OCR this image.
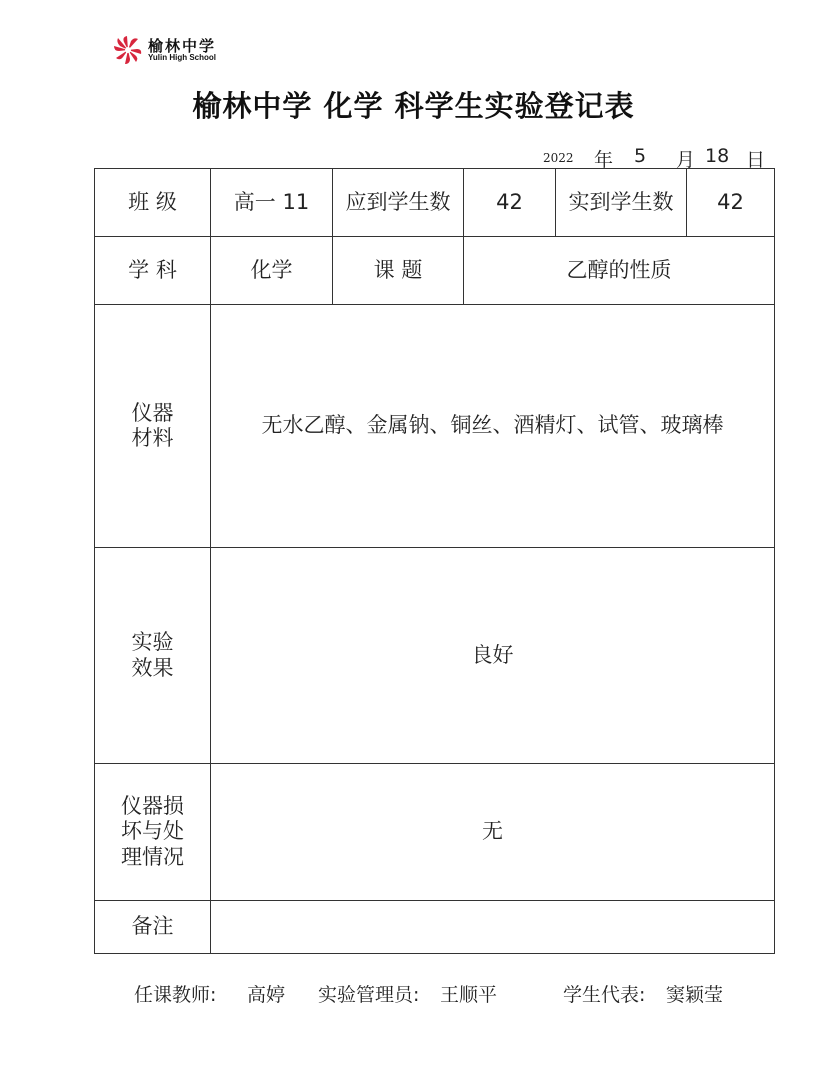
榆林中学
Yulin High School
榆林中学 化学 科学生实验登记表
2022 年 5 月 18 日
班 级	高一 11	应到学生数	42	实到学生数	42
学 科	化学	课 题	乙醇的性质		
仪器
材料	无水乙醇、金属钠、铜丝、酒精灯、试管、玻璃棒				
实验
效果	良好				
仪器损
坏与处
理情况	无				
备注					
任课教师: 高婷 实验管理员: 王顺平	学生代表: 窦颖莹
